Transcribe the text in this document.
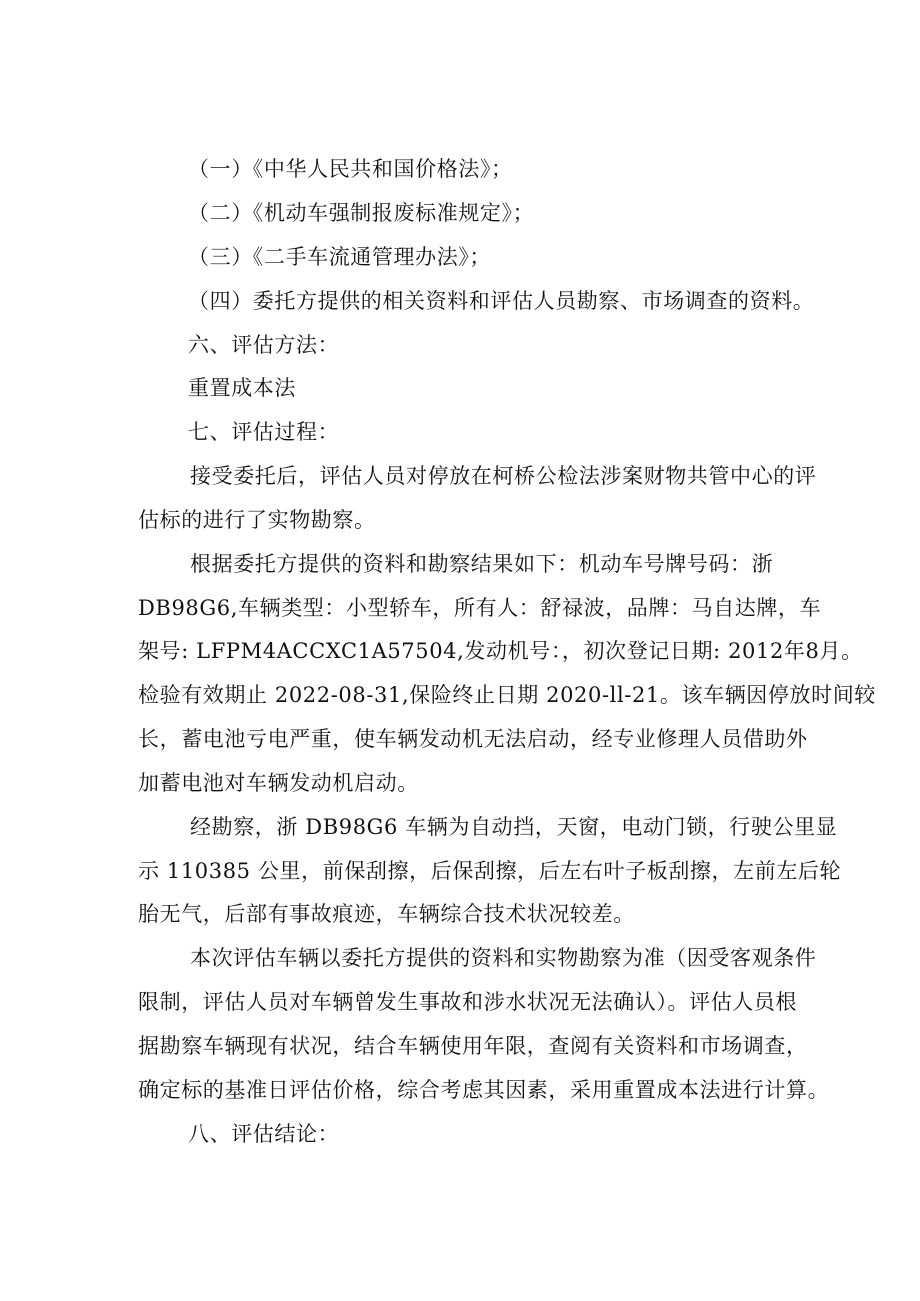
（一）《中华人民共和国价格法》；
（二）《机动车强制报废标准规定》；
（三）《二手车流通管理办法》；
（四）委托方提供的相关资料和评估人员勘察、市场调查的资料。
六、评估方法：
重置成本法
七、评估过程：
接受委托后，评估人员对停放在柯桥公检法涉案财物共管中心的评
估标的进行了实物勘察。
根据委托方提供的资料和勘察结果如下：机动车号牌号码：浙
DB98G6,车辆类型：小型轿车，所有人：舒禄波，品牌：马自达牌，车
架号: LFPM4ACCXC1A57504,发动机号：，初次登记日期: 2012年8月。
检验有效期止 2022-08-31,保险终止日期 2020-ll-21。该车辆因停放时间较
长，蓄电池亏电严重，使车辆发动机无法启动，经专业修理人员借助外
加蓄电池对车辆发动机启动。
经勘察，浙 DB98G6 车辆为自动挡，天窗，电动门锁，行驶公里显
示 110385 公里，前保刮擦，后保刮擦，后左右叶子板刮擦，左前左后轮
胎无气，后部有事故痕迹，车辆综合技术状况较差。
本次评估车辆以委托方提供的资料和实物勘察为准（因受客观条件
限制，评估人员对车辆曾发生事故和涉水状况无法确认）。评估人员根
据勘察车辆现有状况，结合车辆使用年限，查阅有关资料和市场调查，
确定标的基准日评估价格，综合考虑其因素，采用重置成本法进行计算。
八、评估结论：
